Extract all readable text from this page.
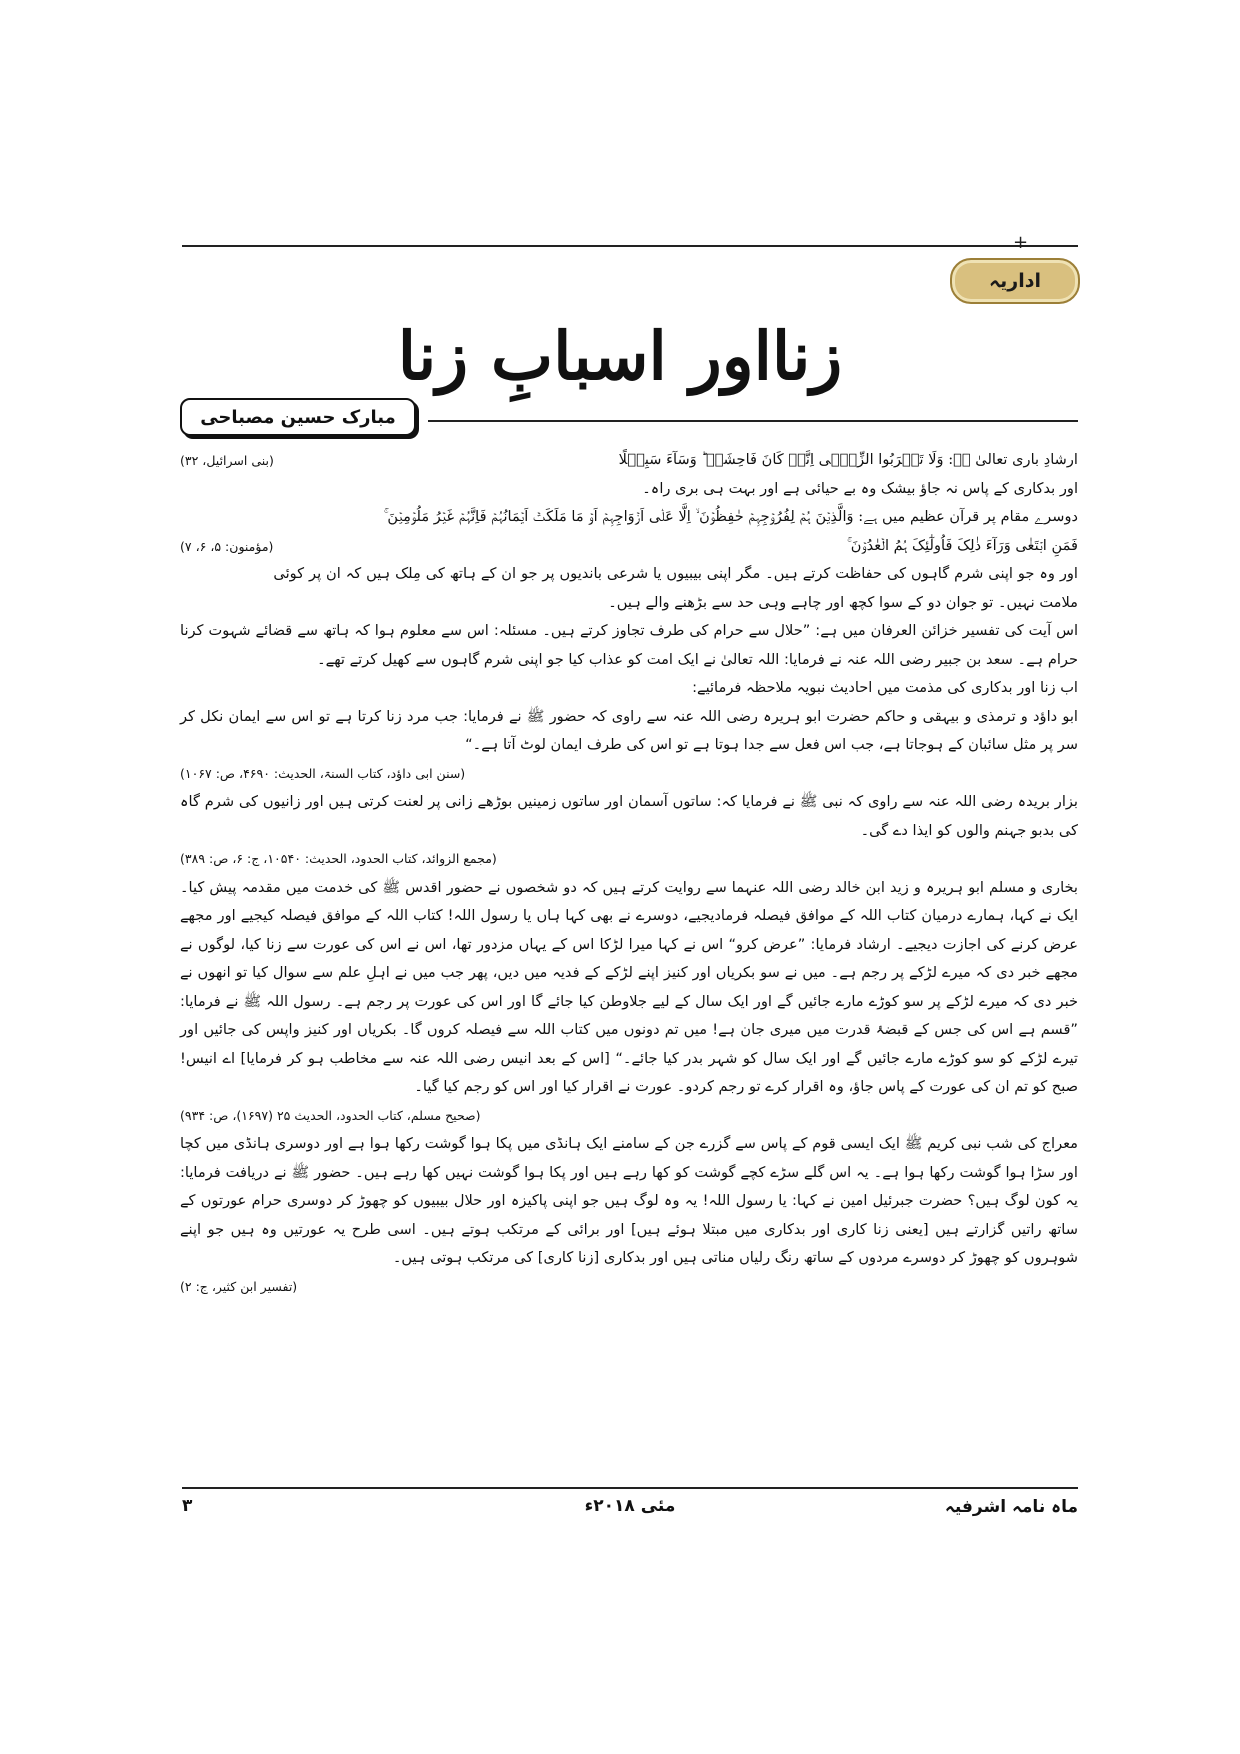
+
اداریہ
زنااور اسبابِ زنا
مبارک حسین مصباحی

(بنی اسرائیل، ۳۲)	ارشادِ باری تعالیٰ ہے: وَلَا تَقۡرَبُوا الزِّنٰۤی اِنَّہٗ کَانَ فَاحِشَۃً ؕ وَسَآءَ سَبِیۡلًا

اور بدکاری کے پاس نہ جاؤ بیشک وہ بے حیائی ہے اور بہت ہی بری راہ۔

دوسرے مقام پر قرآن عظیم میں ہے: وَالَّذِیۡنَ ہُمۡ لِفُرُوۡجِہِمۡ حٰفِظُوۡنَ ۙ اِلَّا عَلٰۤی اَزۡوَاجِہِمۡ اَوۡ مَا مَلَکَتۡ اَیۡمَانُہُمۡ فَاِنَّہُمۡ غَیۡرُ مَلُوۡمِیۡنَ ۚ

(مؤمنون: ۵، ۶، ۷)	فَمَنِ ابۡتَغٰی وَرَآءَ ذٰلِکَ فَاُولٰٓئِکَ ہُمُ الۡعٰدُوۡنَ ۚ

اور وہ جو اپنی شرم گاہوں کی حفاظت کرتے ہیں۔ مگر اپنی بیبیوں یا شرعی باندیوں پر جو ان کے ہاتھ کی مِلک ہیں کہ ان پر کوئی ملامت نہیں۔ تو جوان دو کے سوا کچھ اور چاہے وہی حد سے بڑھنے والے ہیں۔

اس آیت کی تفسیر خزائن العرفان میں ہے: ”حلال سے حرام کی طرف تجاوز کرتے ہیں۔ مسئلہ: اس سے معلوم ہوا کہ ہاتھ سے قضائے شہوت کرنا حرام ہے۔ سعد بن جبیر رضی اللہ عنہ نے فرمایا: اللہ تعالیٰ نے ایک امت کو عذاب کیا جو اپنی شرم گاہوں سے کھیل کرتے تھے۔

اب زنا اور بدکاری کی مذمت میں احادیث نبویہ ملاحظہ فرمائیے:

ابو داؤد و ترمذی و بیہقی و حاکم حضرت ابو ہریرہ رضی اللہ عنہ سے راوی کہ حضور ﷺ نے فرمایا: جب مرد زنا کرتا ہے تو اس سے ایمان نکل کر سر پر مثل سائبان کے ہوجاتا ہے، جب اس فعل سے جدا ہوتا ہے تو اس کی طرف ایمان لوٹ آتا ہے۔“

(سنن ابی داؤد، کتاب السنۃ، الحدیث: ۴۶۹۰، ص: ۱۰۶۷)

بزار بریدہ رضی اللہ عنہ سے راوی کہ نبی ﷺ نے فرمایا کہ: ساتوں آسمان اور ساتوں زمینیں بوڑھے زانی پر لعنت کرتی ہیں اور زانیوں کی شرم گاہ کی بدبو جہنم والوں کو ایذا دے گی۔

(مجمع الزوائد، کتاب الحدود، الحدیث: ۱۰۵۴۰، ج: ۶، ص: ۳۸۹)

بخاری و مسلم ابو ہریرہ و زید ابن خالد رضی اللہ عنہما سے روایت کرتے ہیں کہ دو شخصوں نے حضور اقدس ﷺ کی خدمت میں مقدمہ پیش کیا۔ ایک نے کہا، ہمارے درمیان کتاب اللہ کے موافق فیصلہ فرمادیجیے، دوسرے نے بھی کہا ہاں یا رسول اللہ! کتاب اللہ کے موافق فیصلہ کیجیے اور مجھے عرض کرنے کی اجازت دیجیے۔ ارشاد فرمایا: ”عرض کرو“ اس نے کہا میرا لڑکا اس کے یہاں مزدور تھا، اس نے اس کی عورت سے زنا کیا، لوگوں نے مجھے خبر دی کہ میرے لڑکے پر رجم ہے۔ میں نے سو بکریاں اور کنیز اپنے لڑکے کے فدیہ میں دیں، پھر جب میں نے اہلِ علم سے سوال کیا تو انھوں نے خبر دی کہ میرے لڑکے پر سو کوڑے مارے جائیں گے اور ایک سال کے لیے جلاوطن کیا جائے گا اور اس کی عورت پر رجم ہے۔ رسول اللہ ﷺ نے فرمایا: ”قسم ہے اس کی جس کے قبضۂ قدرت میں میری جان ہے! میں تم دونوں میں کتاب اللہ سے فیصلہ کروں گا۔ بکریاں اور کنیز واپس کی جائیں اور تیرے لڑکے کو سو کوڑے مارے جائیں گے اور ایک سال کو شہر بدر کیا جائے۔“ [اس کے بعد انیس رضی اللہ عنہ سے مخاطب ہو کر فرمایا] اے انیس! صبح کو تم ان کی عورت کے پاس جاؤ، وہ اقرار کرے تو رجم کردو۔ عورت نے اقرار کیا اور اس کو رجم کیا گیا۔

(صحیح مسلم، کتاب الحدود، الحدیث ۲۵ (۱۶۹۷)، ص: ۹۳۴)

معراج کی شب نبی کریم ﷺ ایک ایسی قوم کے پاس سے گزرے جن کے سامنے ایک ہانڈی میں پکا ہوا گوشت رکھا ہوا ہے اور دوسری ہانڈی میں کچا اور سڑا ہوا گوشت رکھا ہوا ہے۔ یہ اس گلے سڑے کچے گوشت کو کھا رہے ہیں اور پکا ہوا گوشت نہیں کھا رہے ہیں۔ حضور ﷺ نے دریافت فرمایا: یہ کون لوگ ہیں؟ حضرت جبرئیل امین نے کہا: یا رسول اللہ! یہ وہ لوگ ہیں جو اپنی پاکیزہ اور حلال بیبیوں کو چھوڑ کر دوسری حرام عورتوں کے ساتھ راتیں گزارتے ہیں [یعنی زنا کاری اور بدکاری میں مبتلا ہوئے ہیں] اور برائی کے مرتکب ہوتے ہیں۔ اسی طرح یہ عورتیں وہ ہیں جو اپنے شوہروں کو چھوڑ کر دوسرے مردوں کے ساتھ رنگ رلیاں مناتی ہیں اور بدکاری [زنا کاری] کی مرتکب ہوتی ہیں۔

(تفسیر ابن کثیر، ج: ۲)
۳	مئی ۲۰۱۸ء	ماہ نامہ اشرفیہ
